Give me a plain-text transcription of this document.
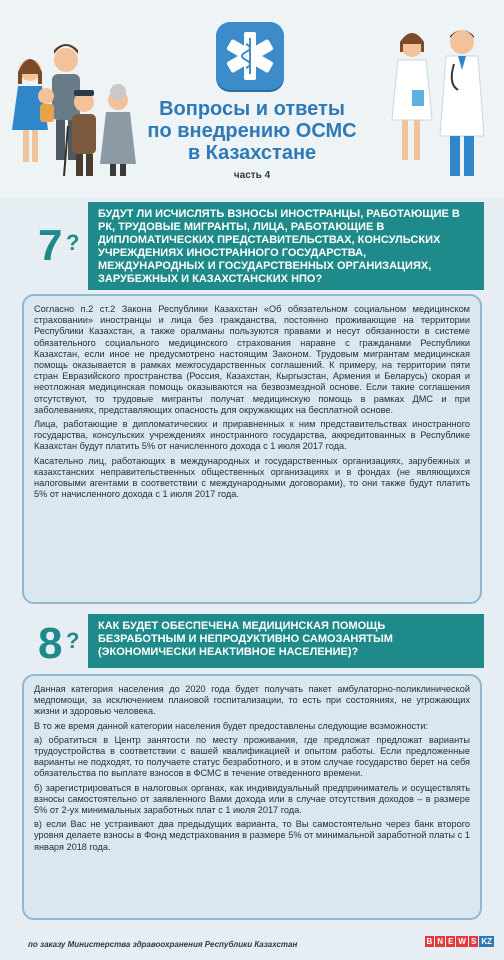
Вопросы и ответы
по внедрению ОСМС
в Казахстане
часть 4
7 ?
БУДУТ ЛИ ИСЧИСЛЯТЬ ВЗНОСЫ ИНОСТРАНЦЫ, РАБОТАЮЩИЕ В РК, ТРУДОВЫЕ МИГРАНТЫ, ЛИЦА, РАБОТАЮЩИЕ В ДИПЛОМАТИЧЕСКИХ ПРЕДСТАВИТЕЛЬСТВАХ, КОНСУЛЬСКИХ УЧРЕЖДЕНИЯХ ИНОСТРАННОГО ГОСУДАРСТВА, МЕЖДУНАРОДНЫХ И ГОСУДАРСТВЕННЫХ ОРГАНИЗАЦИЯХ, ЗАРУБЕЖНЫХ И КАЗАХСТАНСКИХ НПО?

Согласно п.2 ст.2 Закона Республики Казахстан «Об обязательном социальном медицинском страховании» иностранцы и лица без гражданства, постоянно проживающие на территории Республики Казахстан, а также оралманы пользуются правами и несут обязанности в системе обязательного социального медицинского страхования наравне с гражданами Республики Казахстан, если иное не предусмотрено настоящим Законом. Трудовым мигрантам медицинская помощь оказывается в рамках межгосударственных соглашений. К примеру, на территории пяти стран Евразийского пространства (Россия, Казахстан, Кыргызстан, Армения и Беларусь) скорая и неотложная медицинская помощь оказываются на безвозмездной основе. Если такие соглашения отсутствуют, то трудовые мигранты получат медицинскую помощь в рамках ДМС и при заболеваниях, представляющих опасность для окружающих на бесплатной основе.

Лица, работающие в дипломатических и приравненных к ним представительствах иностранного государства, консульских учреждениях иностранного государства, аккредитованных в Республике Казахстан будут платить 5% от начисленного дохода с 1 июля 2017 года.

Касательно лиц, работающих в международных и государственных организациях, зарубежных и казахстанских неправительственных общественных организациях и в фондах (не являющихся налоговыми агентами в соответствии с международными договорами), то они также будут платить 5% от начисленного дохода с 1 июля 2017 года.

8 ?
КАК БУДЕТ ОБЕСПЕЧЕНА МЕДИЦИНСКАЯ ПОМОЩЬ БЕЗРАБОТНЫМ И НЕПРОДУКТИВНО САМОЗАНЯТЫМ (ЭКОНОМИЧЕСКИ НЕАКТИВНОЕ НАСЕЛЕНИЕ)?

Данная категория населения до 2020 года будет получать пакет амбулаторно-поликлинической медпомощи, за исключением плановой госпитализации, то есть при состояниях, не угрожающих жизни и здоровью человека.

В то же время данной категории населения будет предоставлены следующие возможности:

а) обратиться в Центр занятости по месту проживания, где предложат предложат варианты трудоустройства в соответствии с вашей квалификацией и опытом работы. Если предложенные варианты не подходят, то получаете статус безработного, и в этом случае государство берет на себя обязательства по выплате взносов в ФСМС в течение отведенного времени.

б) зарегистрироваться в налоговых органах, как индивидуальный предприниматель и осуществлять взносы самостоятельно от заявленного Вами дохода или в случае отсутствия доходов – в размере 5% от 2-ух минимальных заработных плат с 1 июля 2017 года.

в) если Вас не устраивают два предыдущих варианта, то Вы самостоятельно через банк второго уровня делаете взносы в Фонд медстрахования в размере 5% от минимальной заработной платы с 1 января 2018 года.

по заказу Министерства здравоохранения Республики Казахстан	B N E W S KZ
